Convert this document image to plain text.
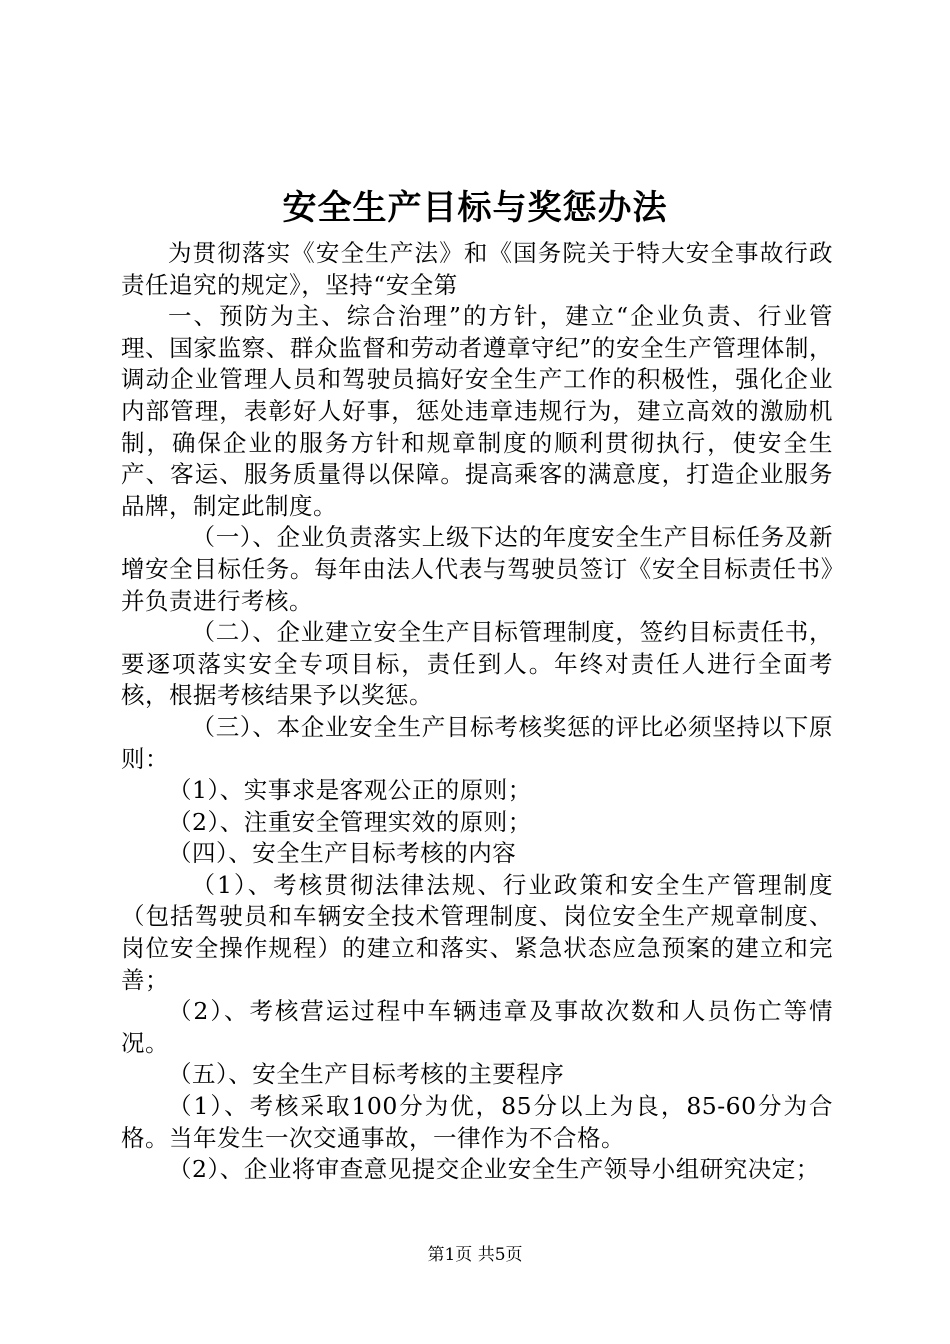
安全生产目标与奖惩办法

为贯彻落实《安全生产法》和《国务院关于特大安全事故行政责任追究的规定》，坚持“安全第

一、预防为主、综合治理”的方针，建立“企业负责、行业管理、国家监察、群众监督和劳动者遵章守纪”的安全生产管理体制，调动企业管理人员和驾驶员搞好安全生产工作的积极性，强化企业内部管理，表彰好人好事，惩处违章违规行为，建立高效的激励机制，确保企业的服务方针和规章制度的顺利贯彻执行，使安全生产、客运、服务质量得以保障。提高乘客的满意度，打造企业服务品牌，制定此制度。

（一）、企业负责落实上级下达的年度安全生产目标任务及新增安全目标任务。每年由法人代表与驾驶员签订《安全目标责任书》并负责进行考核。

（二）、企业建立安全生产目标管理制度，签约目标责任书，要逐项落实安全专项目标，责任到人。年终对责任人进行全面考核，根据考核结果予以奖惩。

（三）、本企业安全生产目标考核奖惩的评比必须坚持以下原则：

（1）、实事求是客观公正的原则；

（2）、注重安全管理实效的原则；

（四）、安全生产目标考核的内容

（1）、考核贯彻法律法规、行业政策和安全生产管理制度（包括驾驶员和车辆安全技术管理制度、岗位安全生产规章制度、岗位安全操作规程）的建立和落实、紧急状态应急预案的建立和完善；

（2）、考核营运过程中车辆违章及事故次数和人员伤亡等情况。

（五）、安全生产目标考核的主要程序

（1）、考核采取100分为优，85分以上为良，85-60分为合格。当年发生一次交通事故，一律作为不合格。

（2）、企业将审查意见提交企业安全生产领导小组研究决定；

第1页 共5页
